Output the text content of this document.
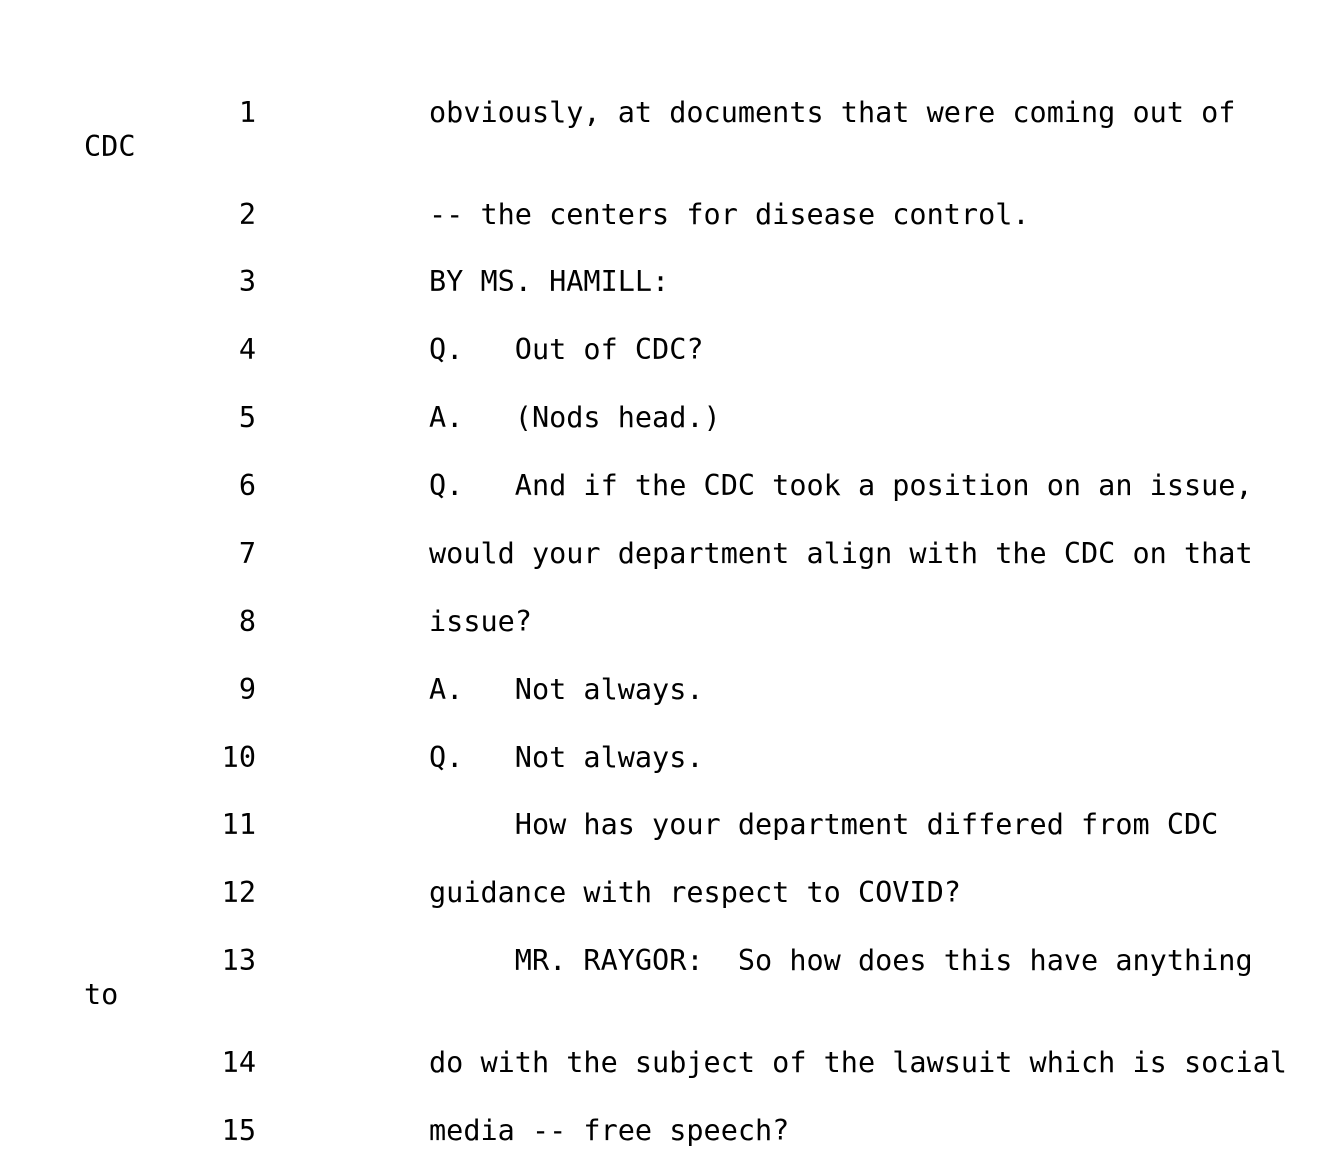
1	obviously, at documents that were coming out of
CDC
2	-- the centers for disease control.
3	BY MS. HAMILL:
4	Q.   Out of CDC?
5	A.   (Nods head.)
6	Q.   And if the CDC took a position on an issue,
7	would your department align with the CDC on that
8	issue?
9	A.   Not always.
10	Q.   Not always.
11	How has your department differed from CDC
12	guidance with respect to COVID?
13	MR. RAYGOR:  So how does this have anything
to
14	do with the subject of the lawsuit which is social
15	media -- free speech?
